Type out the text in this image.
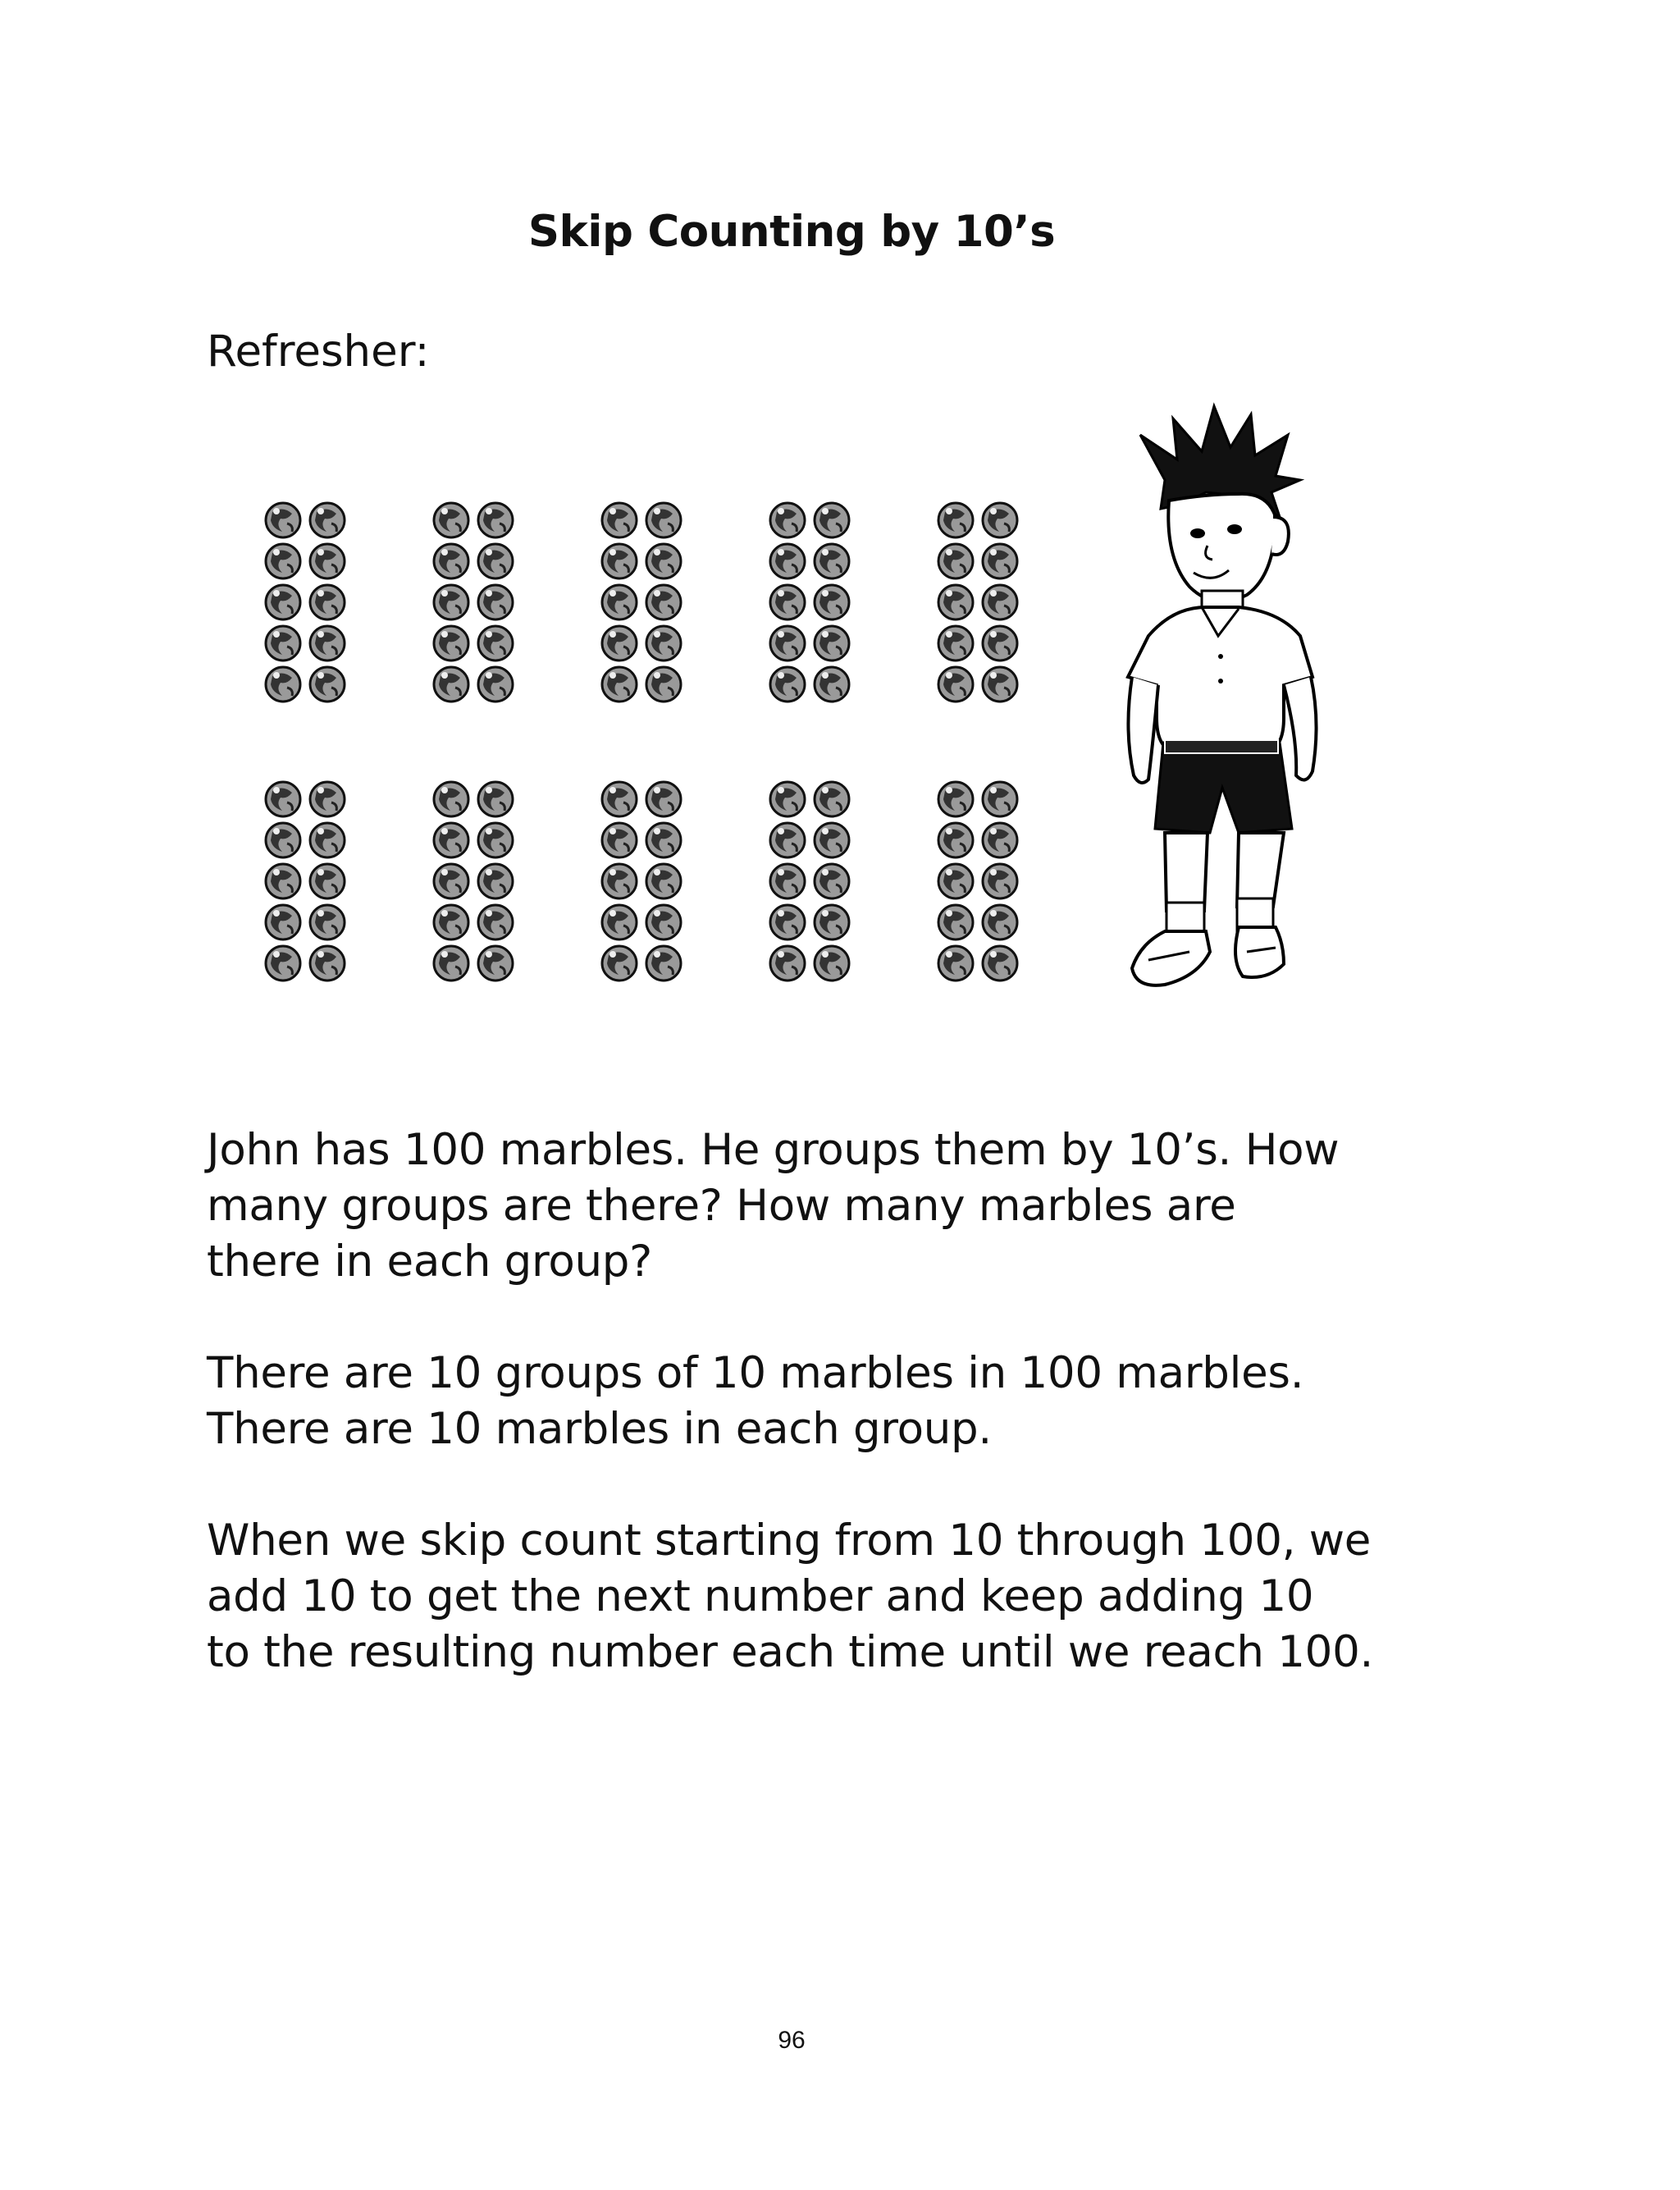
Skip Counting by 10’s
Refresher:

John has 100 marbles. He groups them by 10’s. How

many groups are there? How many marbles are

there in each group?

There are 10 groups of 10 marbles in 100 marbles.

There are 10 marbles in each group.

When we skip count starting from 10 through 100, we

add 10 to get the next number and keep adding 10

to the resulting number each time until we reach 100.

96
